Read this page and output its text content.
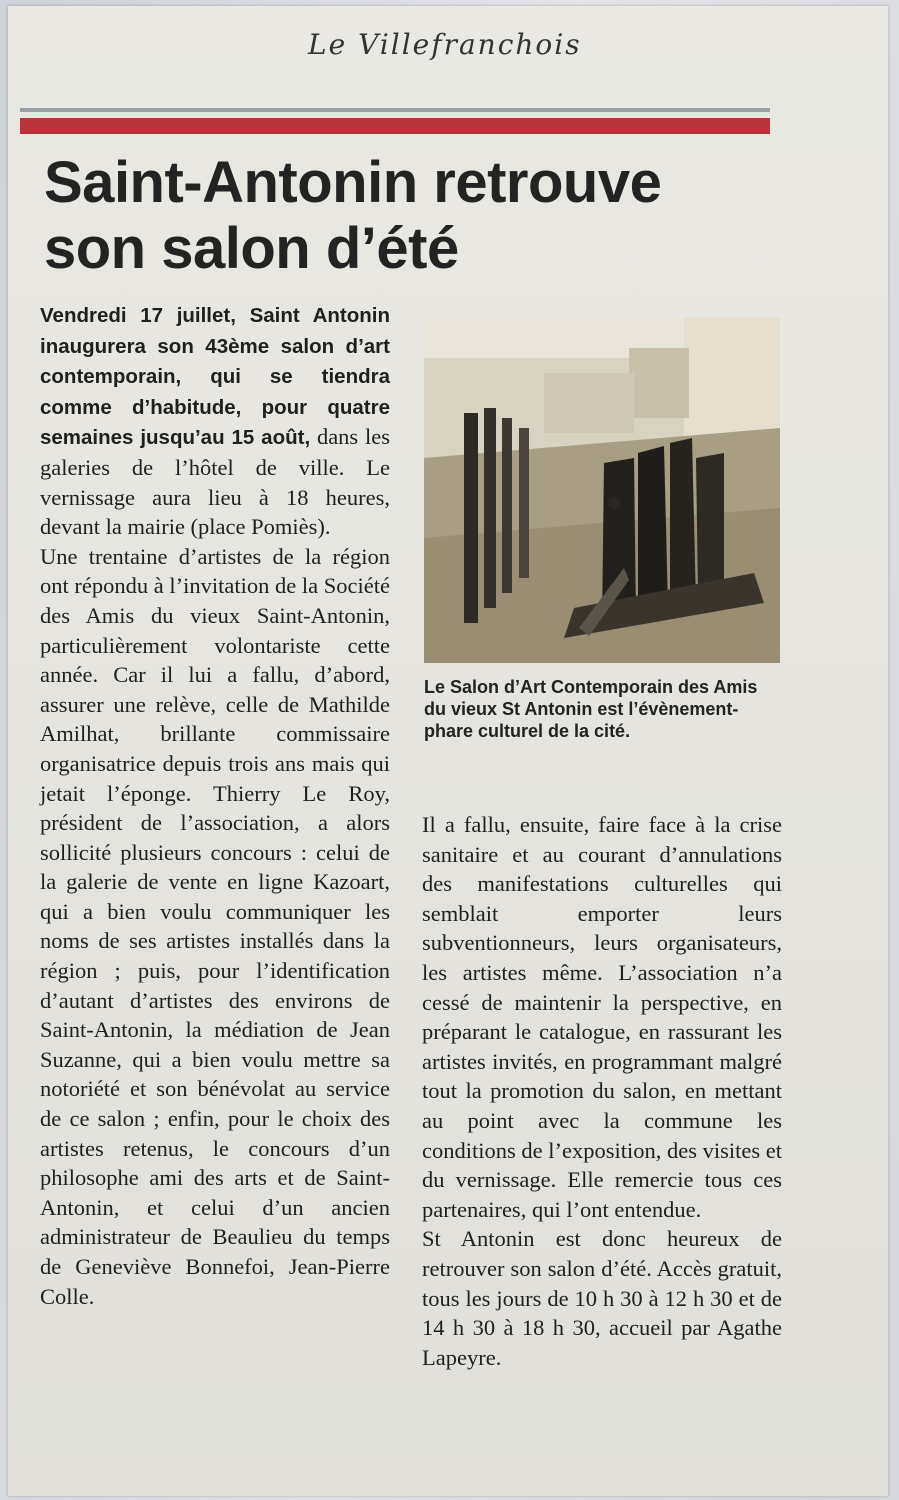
Le Villefranchois
Saint-Antonin retrouve
son salon d’été

Vendredi 17 juillet, Saint Antonin inaugurera son 43ème salon d’art contemporain, qui se tiendra comme d’habitude, pour quatre semaines jusqu’au 15 août, dans les galeries de l’hôtel de ville. Le vernissage aura lieu à 18 heures, devant la mairie (place Pomiès).

Une trentaine d’artistes de la région ont répondu à l’invitation de la Société des Amis du vieux Saint-Antonin, particulièrement volontariste cette année. Car il lui a fallu, d’abord, assurer une relève, celle de Mathilde Amilhat, brillante commissaire organisatrice depuis trois ans mais qui jetait l’éponge. Thierry Le Roy, président de l’association, a alors sollicité plusieurs concours : celui de la galerie de vente en ligne Kazoart, qui a bien voulu communiquer les noms de ses artistes installés dans la région ; puis, pour l’identification d’autant d’artistes des environs de Saint-Antonin, la médiation de Jean Suzanne, qui a bien voulu mettre sa notoriété et son bénévolat au service de ce salon ; enfin, pour le choix des artistes retenus, le concours d’un philosophe ami des arts et de Saint-Antonin, et celui d’un ancien administrateur de Beaulieu du temps de Geneviève Bonnefoi, Jean-Pierre Colle.

Le Salon d’Art Contemporain des Amis du vieux St Antonin est l’évènement-phare culturel de la cité.

Il a fallu, ensuite, faire face à la crise sanitaire et au courant d’annulations des manifestations culturelles qui semblait emporter leurs subventionneurs, leurs organisateurs, les artistes même. L’association n’a cessé de maintenir la perspective, en préparant le catalogue, en rassurant les artistes invités, en programmant malgré tout la promotion du salon, en mettant au point avec la commune les conditions de l’exposition, des visites et du vernissage. Elle remercie tous ces partenaires, qui l’ont entendue.

St Antonin est donc heureux de retrouver son salon d’été. Accès gratuit, tous les jours de 10 h 30 à 12 h 30 et de 14 h 30 à 18 h 30, accueil par Agathe Lapeyre.
